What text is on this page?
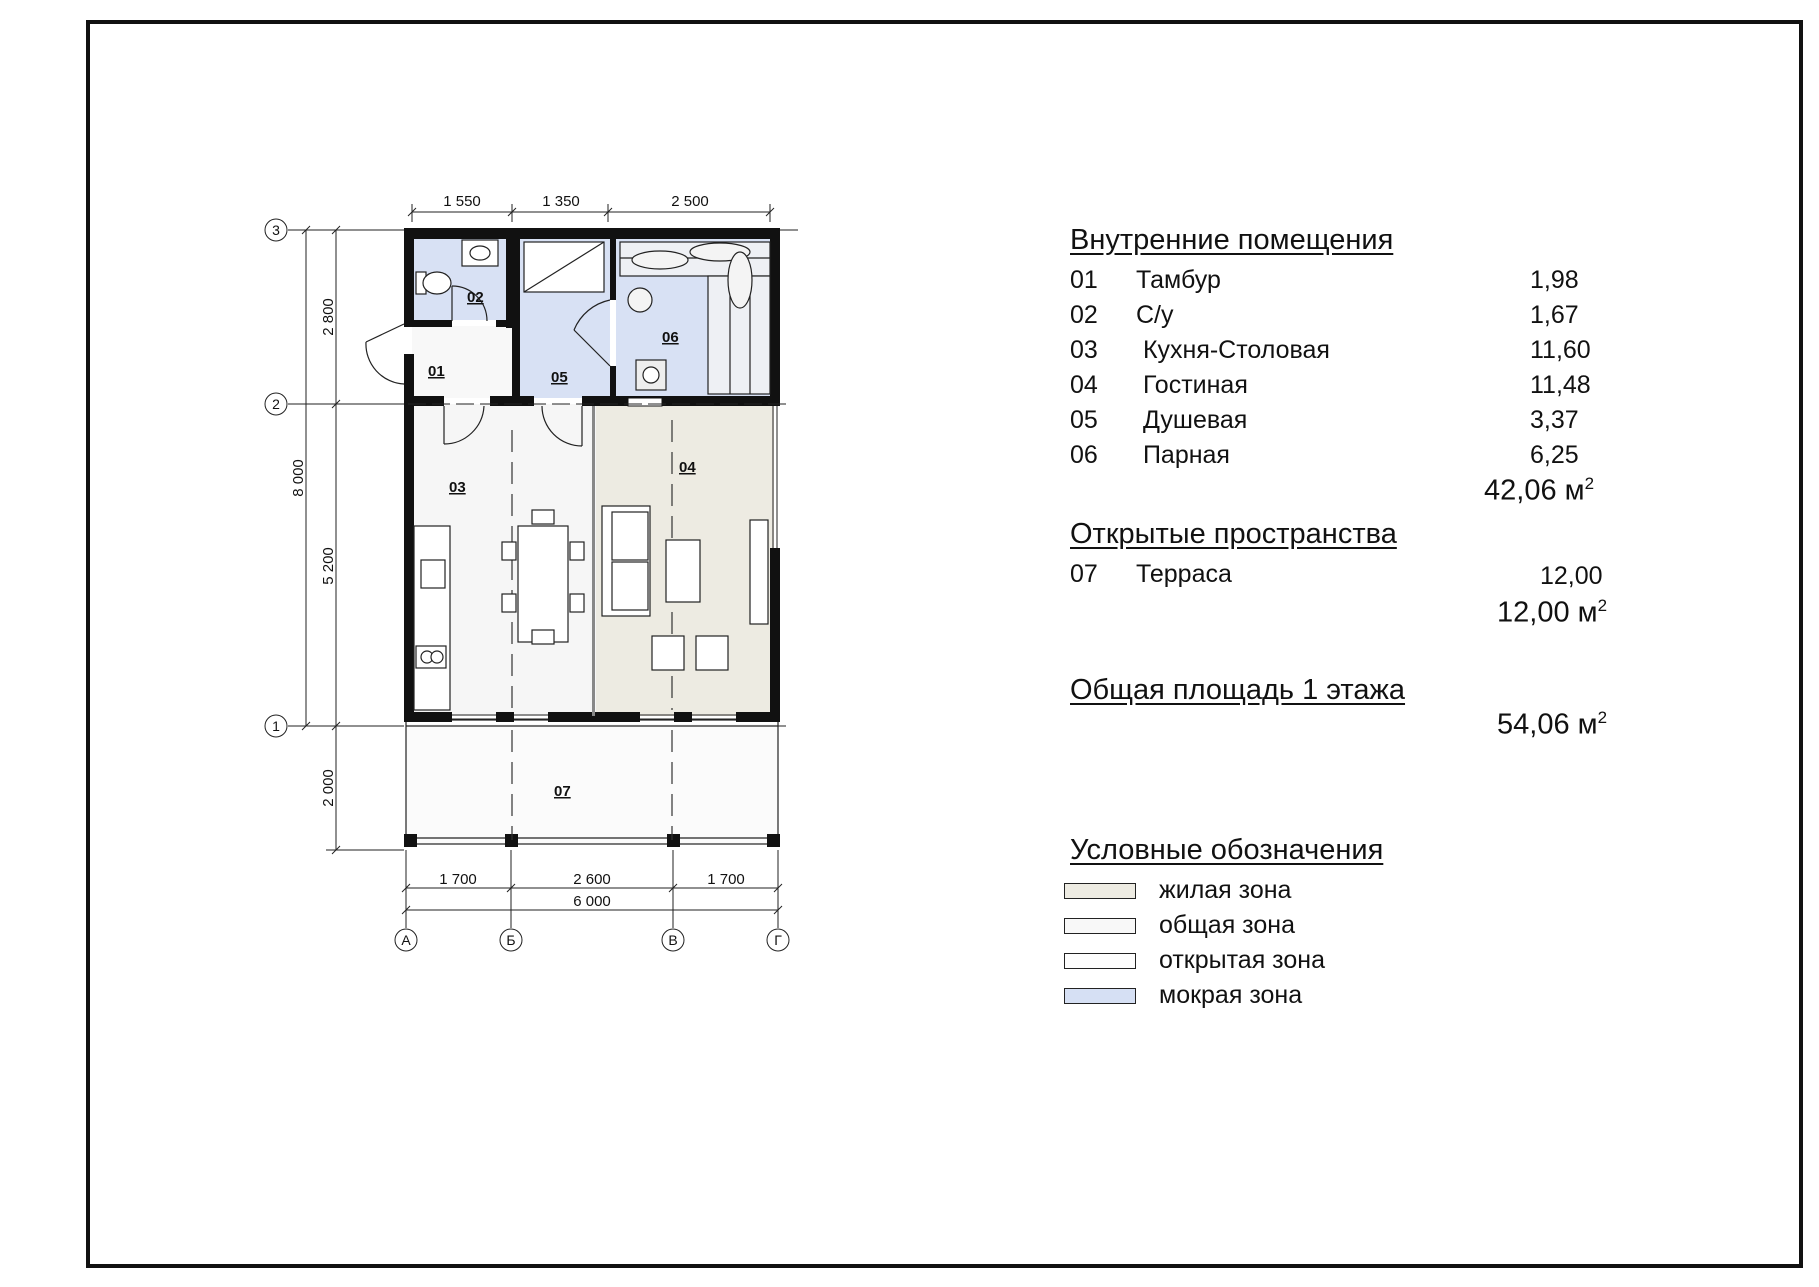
01
02
03
04
05
06
07
1 550	1 350	2 500
8 000
2 800
5 200
2 000
3
2
1
1 700	2 600	1 700
6 000
А	Б	В	Г
Внутренние помещения
01 Тамбур	1,98
02 С/у	1,67
03 Кухня-Столовая	11,60
04 Гостиная	11,48
05 Душевая	3,37
06 Парная	6,25
42,06 $м^2$
Открытые пространства
07 Терраса	12,00
12,00 $м^2$
Общая площадь 1 этажа
54,06 $м^2$
Условные обозначения
жилая зона
общая зона
открытая зона
мокрая зона
